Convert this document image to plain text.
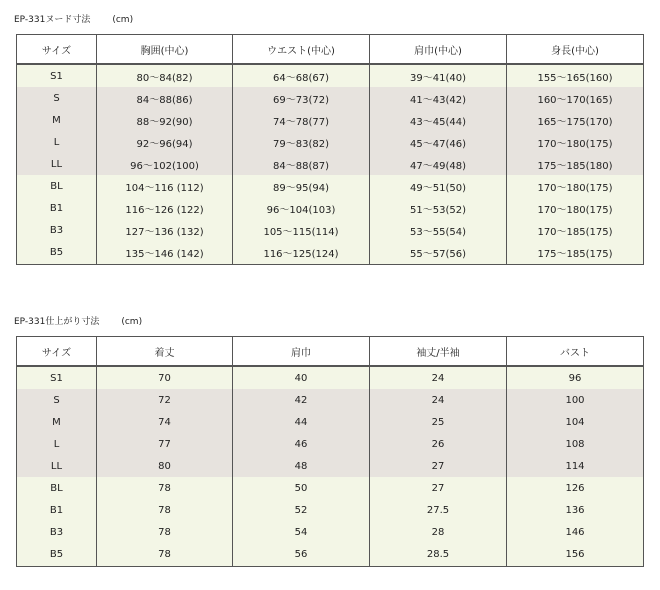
EP-331ヌード寸法 (cm)
サイズ	胸囲(中心)	ウエスト(中心)	肩巾(中心)	身長(中心)
S1	80～84(82)	64～68(67)	39～41(40)	155～165(160)
S	84～88(86)	69～73(72)	41～43(42)	160～170(165)
M	88～92(90)	74～78(77)	43～45(44)	165～175(170)
L	92～96(94)	79～83(82)	45～47(46)	170～180(175)
LL	96～102(100)	84～88(87)	47～49(48)	175～185(180)
BL	104～116 (112)	89～95(94)	49～51(50)	170～180(175)
B1	116～126 (122)	96～104(103)	51～53(52)	170～180(175)
B3	127～136 (132)	105～115(114)	53～55(54)	170～185(175)
B5	135～146 (142)	116～125(124)	55～57(56)	175～185(175)
EP-331仕上がり寸法 (cm)
サイズ	着丈	肩巾	袖丈/半袖	バスト
S1	70	40	24	96
S	72	42	24	100
M	74	44	25	104
L	77	46	26	108
LL	80	48	27	114
BL	78	50	27	126
B1	78	52	27.5	136
B3	78	54	28	146
B5	78	56	28.5	156
